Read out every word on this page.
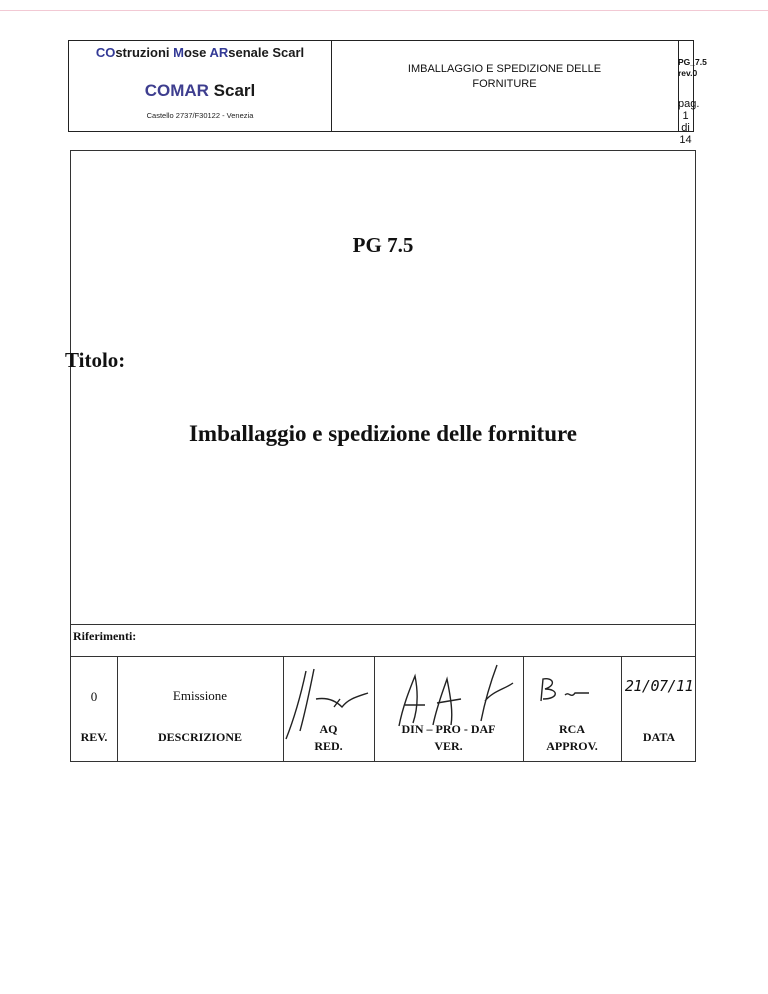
COstruzioni Mose ARsenale Scarl
COMAR Scarl
Castello 2737/F30122 - Venezia
IMBALLAGGIO E SPEDIZIONE DELLE
FORNITURE
PG_7.5
rev.0
pag. 1 di 14
PG 7.5
Titolo:
Imballaggio e spedizione delle forniture
Riferimenti:
0	Emissione
REV.	DESCRIZIONE
AQ
RED.
DIN – PRO - DAF
VER.
RCA
APPROV.
DATA
21/07/11
